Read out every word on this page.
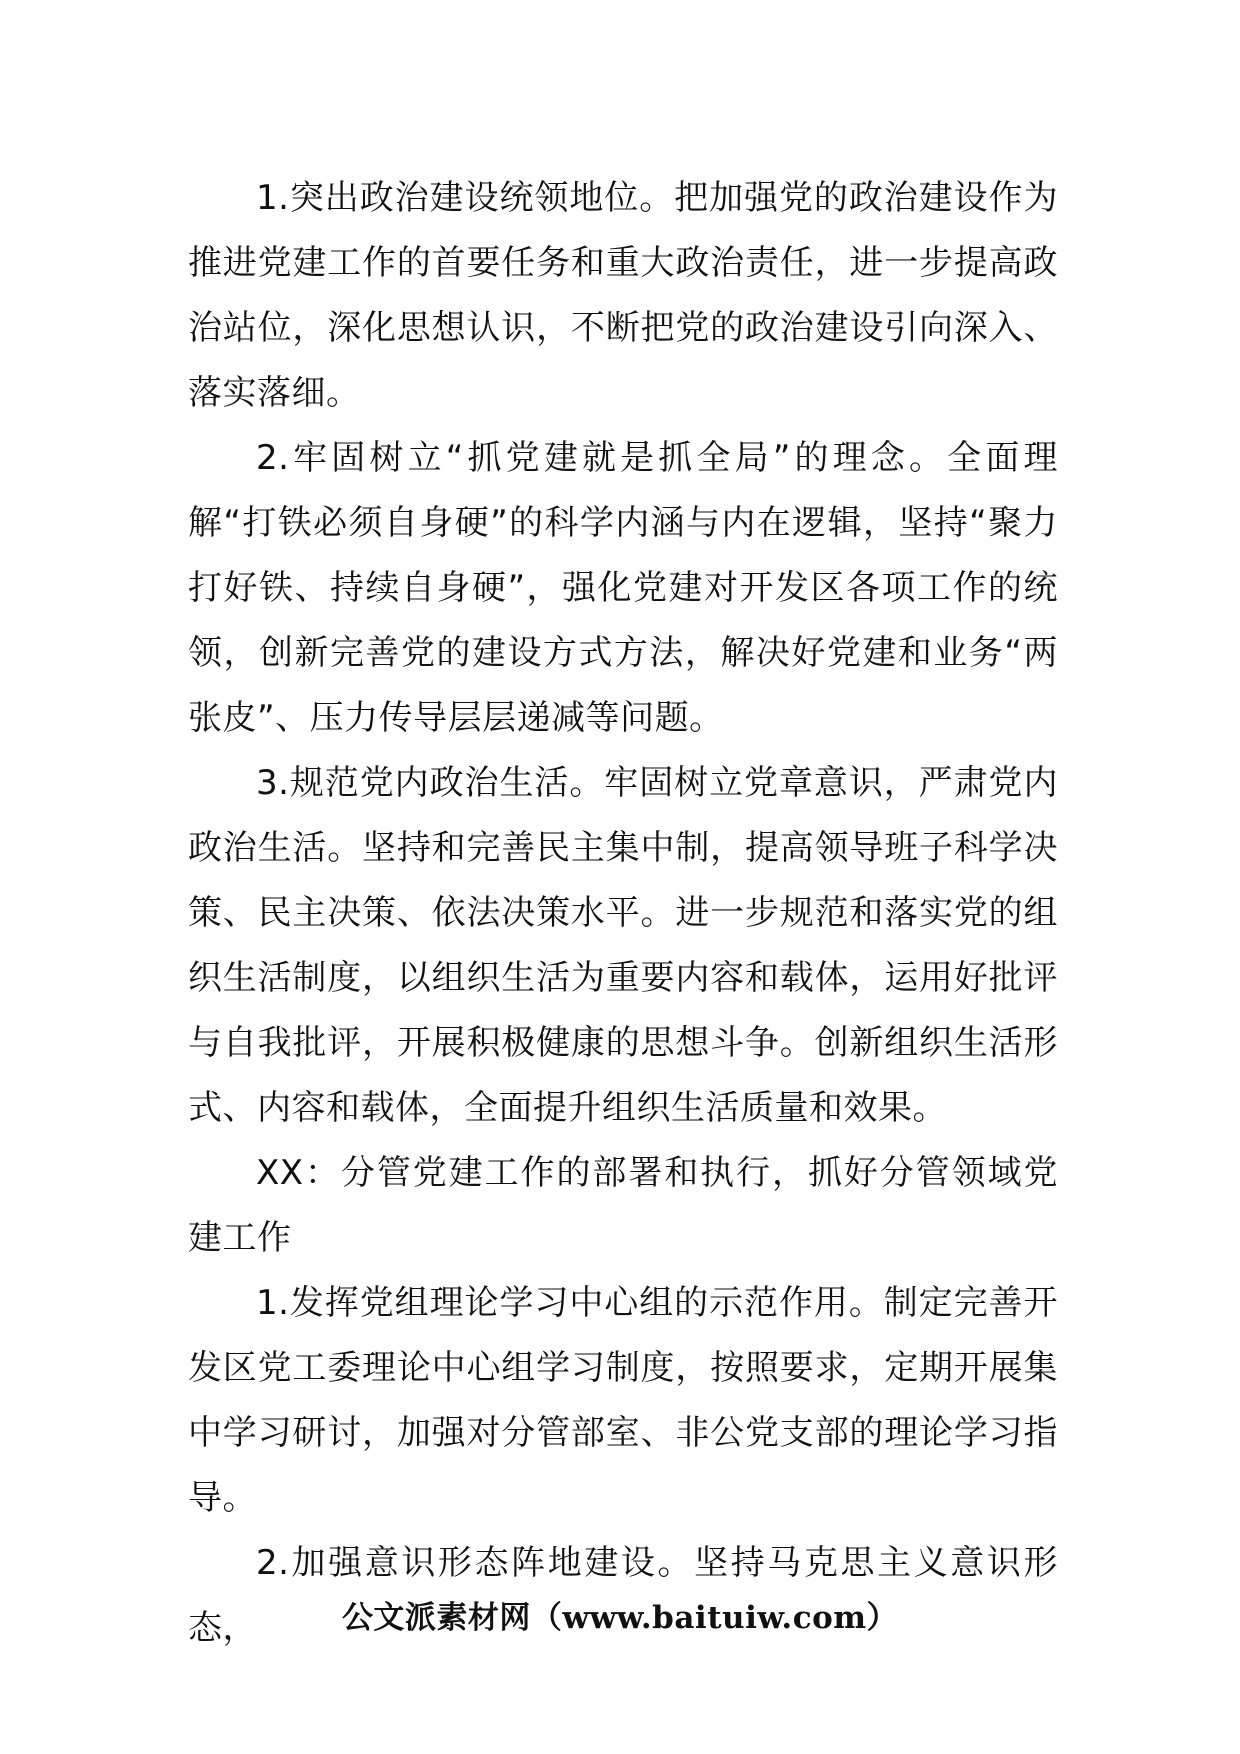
1.突出政治建设统领地位。把加强党的政治建设作为推进党建工作的首要任务和重大政治责任，进一步提高政治站位，深化思想认识，不断把党的政治建设引向深入、落实落细。

2.牢固树立“抓党建就是抓全局”的理念。全面理解“打铁必须自身硬”的科学内涵与内在逻辑，坚持“聚力打好铁、持续自身硬”，强化党建对开发区各项工作的统领，创新完善党的建设方式方法，解决好党建和业务“两张皮”、压力传导层层递减等问题。

3.规范党内政治生活。牢固树立党章意识，严肃党内政治生活。坚持和完善民主集中制，提高领导班子科学决策、民主决策、依法决策水平。进一步规范和落实党的组织生活制度，以组织生活为重要内容和载体，运用好批评与自我批评，开展积极健康的思想斗争。创新组织生活形式、内容和载体，全面提升组织生活质量和效果。

XX：分管党建工作的部署和执行，抓好分管领域党建工作

1.发挥党组理论学习中心组的示范作用。制定完善开发区党工委理论中心组学习制度，按照要求，定期开展集中学习研讨，加强对分管部室、非公党支部的理论学习指导。

2.加强意识形态阵地建设。坚持马克思主义意识形态，	公文派素材网（www.baituiw.com）
